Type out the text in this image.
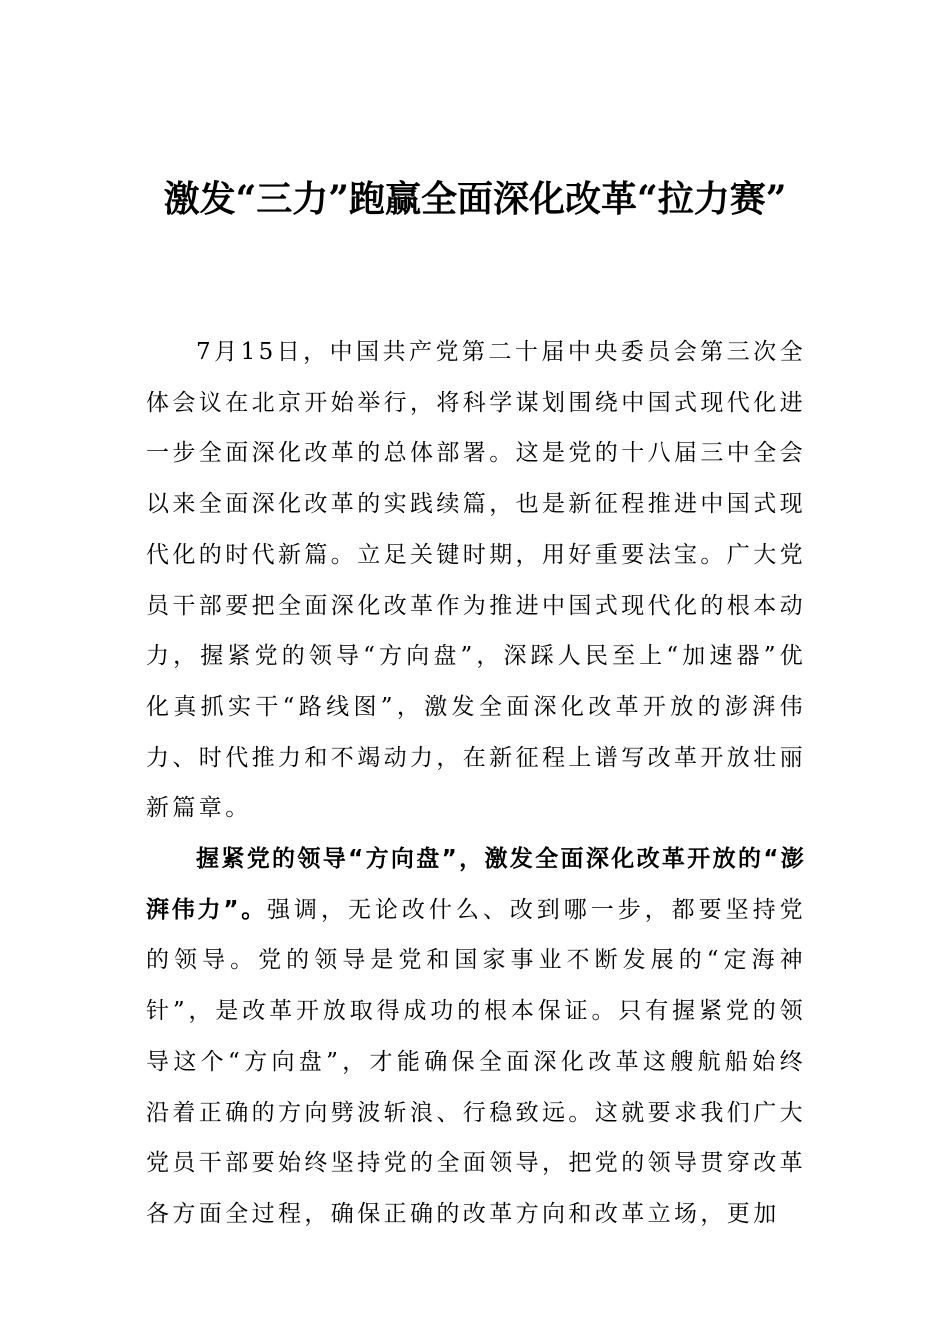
激发“三力”跑赢全面深化改革“拉力赛”

7月15日，中国共产党第二十届中央委员会第三次全体会议在北京开始举行，将科学谋划围绕中国式现代化进一步全面深化改革的总体部署。这是党的十八届三中全会以来全面深化改革的实践续篇，也是新征程推进中国式现代化的时代新篇。立足关键时期，用好重要法宝。广大党员干部要把全面深化改革作为推进中国式现代化的根本动力，握紧党的领导“方向盘”，深踩人民至上“加速器”优化真抓实干“路线图”，激发全面深化改革开放的澎湃伟力、时代推力和不竭动力，在新征程上谱写改革开放壮丽新篇章。

握紧党的领导“方向盘”，激发全面深化改革开放的“澎湃伟力”。强调，无论改什么、改到哪一步，都要坚持党的领导。党的领导是党和国家事业不断发展的“定海神针”，是改革开放取得成功的根本保证。只有握紧党的领导这个“方向盘”，才能确保全面深化改革这艘航船始终沿着正确的方向劈波斩浪、行稳致远。这就要求我们广大党员干部要始终坚持党的全面领导，把党的领导贯穿改革各方面全过程，确保正确的改革方向和改革立场，更加
